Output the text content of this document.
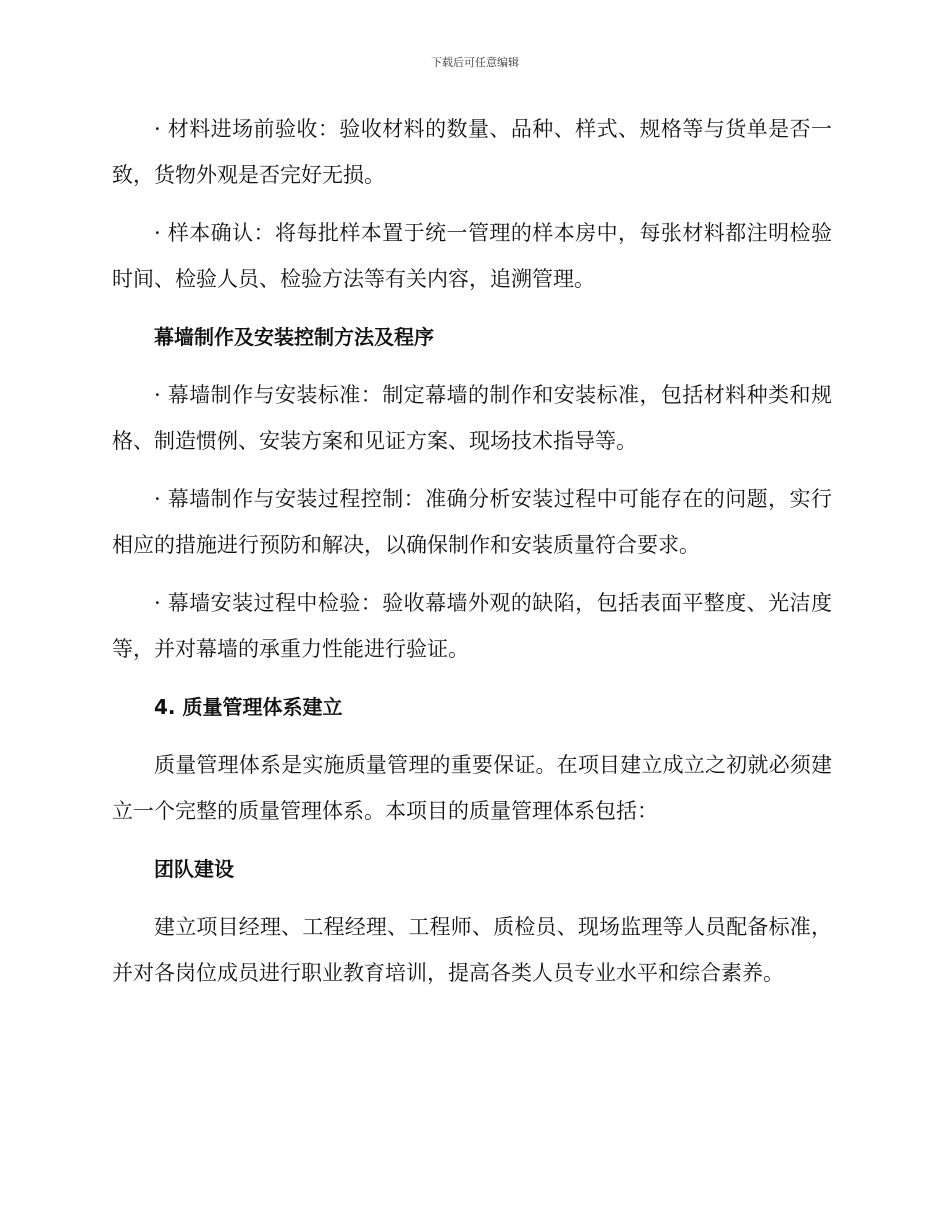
下载后可任意编辑

· 材料进场前验收：验收材料的数量、品种、样式、规格等与货单是否一致，货物外观是否完好无损。

· 样本确认：将每批样本置于统一管理的样本房中，每张材料都注明检验时间、检验人员、检验方法等有关内容，追溯管理。

幕墙制作及安装控制方法及程序

· 幕墙制作与安装标准：制定幕墙的制作和安装标准，包括材料种类和规格、制造惯例、安装方案和见证方案、现场技术指导等。

· 幕墙制作与安装过程控制：准确分析安装过程中可能存在的问题，实行相应的措施进行预防和解决，以确保制作和安装质量符合要求。

· 幕墙安装过程中检验：验收幕墙外观的缺陷，包括表面平整度、光洁度等，并对幕墙的承重力性能进行验证。

4. 质量管理体系建立

质量管理体系是实施质量管理的重要保证。在项目建立成立之初就必须建立一个完整的质量管理体系。本项目的质量管理体系包括：

团队建设

建立项目经理、工程经理、工程师、质检员、现场监理等人员配备标准，并对各岗位成员进行职业教育培训，提高各类人员专业水平和综合素养。
